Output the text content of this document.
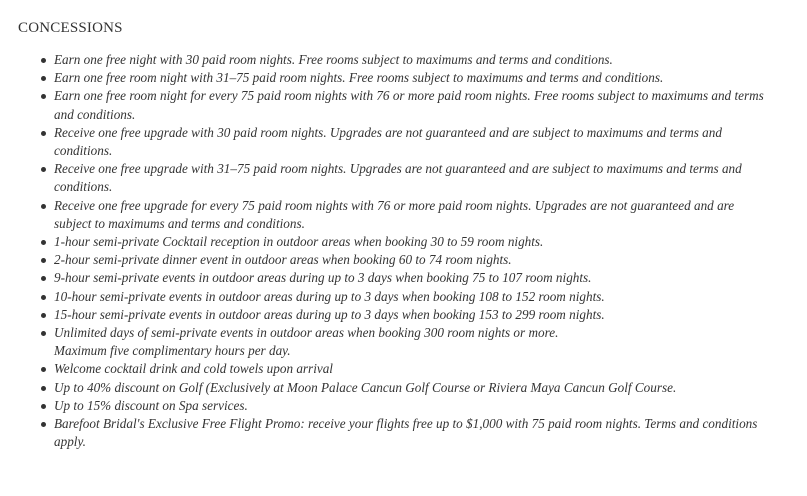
CONCESSIONS
Earn one free night with 30 paid room nights. Free rooms subject to maximums and terms and conditions.
Earn one free room night with 31–75 paid room nights. Free rooms subject to maximums and terms and conditions.
Earn one free room night for every 75 paid room nights with 76 or more paid room nights. Free rooms subject to maximums and terms and conditions.
Receive one free upgrade with 30 paid room nights. Upgrades are not guaranteed and are subject to maximums and terms and conditions.
Receive one free upgrade with 31–75 paid room nights. Upgrades are not guaranteed and are subject to maximums and terms and conditions.
Receive one free upgrade for every 75 paid room nights with 76 or more paid room nights. Upgrades are not guaranteed and are subject to maximums and terms and conditions.
1-hour semi-private Cocktail reception in outdoor areas when booking 30 to 59 room nights.
2-hour semi-private dinner event in outdoor areas when booking 60 to 74 room nights.
9-hour semi-private events in outdoor areas during up to 3 days when booking 75 to 107 room nights.
10-hour semi-private events in outdoor areas during up to 3 days when booking 108 to 152 room nights.
15-hour semi-private events in outdoor areas during up to 3 days when booking 153 to 299 room nights.
Unlimited days of semi-private events in outdoor areas when booking 300 room nights or more.
Maximum five complimentary hours per day.
Welcome cocktail drink and cold towels upon arrival
Up to 40% discount on Golf (Exclusively at Moon Palace Cancun Golf Course or Riviera Maya Cancun Golf Course.
Up to 15% discount on Spa services.
Barefoot Bridal's Exclusive Free Flight Promo: receive your flights free up to $1,000 with 75 paid room nights. Terms and conditions apply.
